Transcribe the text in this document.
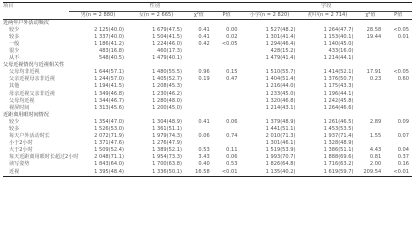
项目	性别				学段			
	男(n = 2 880)	女(n = 2 665)	χ²值	P值	小学(n = 2 820)	初中(n = 2 714)	χ²值	P值
近两年户外活动频次								
较少	2 125(40.0)	1 679(47.5)	0.41	0.00	1 527(48.2)	1 264(47.7)	28.58	<0.05
较多	1 337(40.0)	1 504(41.5)	0.41	0.02	1 301(41.4)	1 153(40.1)	19.44	0.01
一般	1 186(41.2)	1 224(46.0)	0.42	<0.05	1 294(46.4)	1 140(45.0)		
很少	483(16.8)	460(17.3)			428(15.2)	433(16.0)		
从不	548(40.5)	1 479(40.1)			1 479(41.4)	1 214(44.1)		
父母近视情况与近视相关性								
父母均非近视	1 644(57.1)	1 480(55.5)	0.96	0.15	1 510(55.7)	1 414(52.1)	17.91	<0.05
父亲近视母亲非近视	1 244(57.0)	1 405(52.7)	0.19	0.47	1 404(51.4)	1 376(50.7)	0.23	0.60
其他	1 194(41.5)	1 208(45.3)			1 216(44.0)	1 175(43.3)		
母亲近视父亲非近视	1 349(46.8)	1 230(46.2)			1 233(45.0)	1 196(44.1)		
父母均近视	1 344(46.7)	1 280(48.0)			1 320(46.8)	1 242(45.8)		
视屏时间	1 313(45.6)	1 200(45.0)			1 214(43.1)	1 264(46.6)		
近距离用眼时间情况								
较少	1 354(47.0)	1 304(48.9)	0.41	0.06	1 379(48.9)	1 261(46.5)	2.89	0.09
较多	1 526(53.0)	1 361(51.1)			1 441(51.1)	1 453(53.5)		
每天户外活动时长	2 072(71.9)	1 979(74.3)	0.06	0.74	2 010(71.3)	1 937(71.4)	1.55	0.07
小于2小时	1 371(47.6)	1 276(47.9)			1 301(46.1)	1 328(48.9)		
大于2小时	1 509(52.4)	1 389(52.1)	0.53	0.11	1 519(53.9)	1 386(51.1)	4.43	0.04
每天近距离用眼时长超过2小时	2 048(71.1)	1 954(73.3)	3.43	0.06	1 993(70.7)	1 888(69.6)	0.81	0.37
读写姿势	1 843(64.0)	1 700(63.8)	0.40	0.53	1 826(64.8)	1 716(63.2)	2.00	0.16
近视	1 395(48.4)	1 336(50.1)	16.58	<0.01	1 135(40.2)	1 619(59.7)	209.54	<0.01
